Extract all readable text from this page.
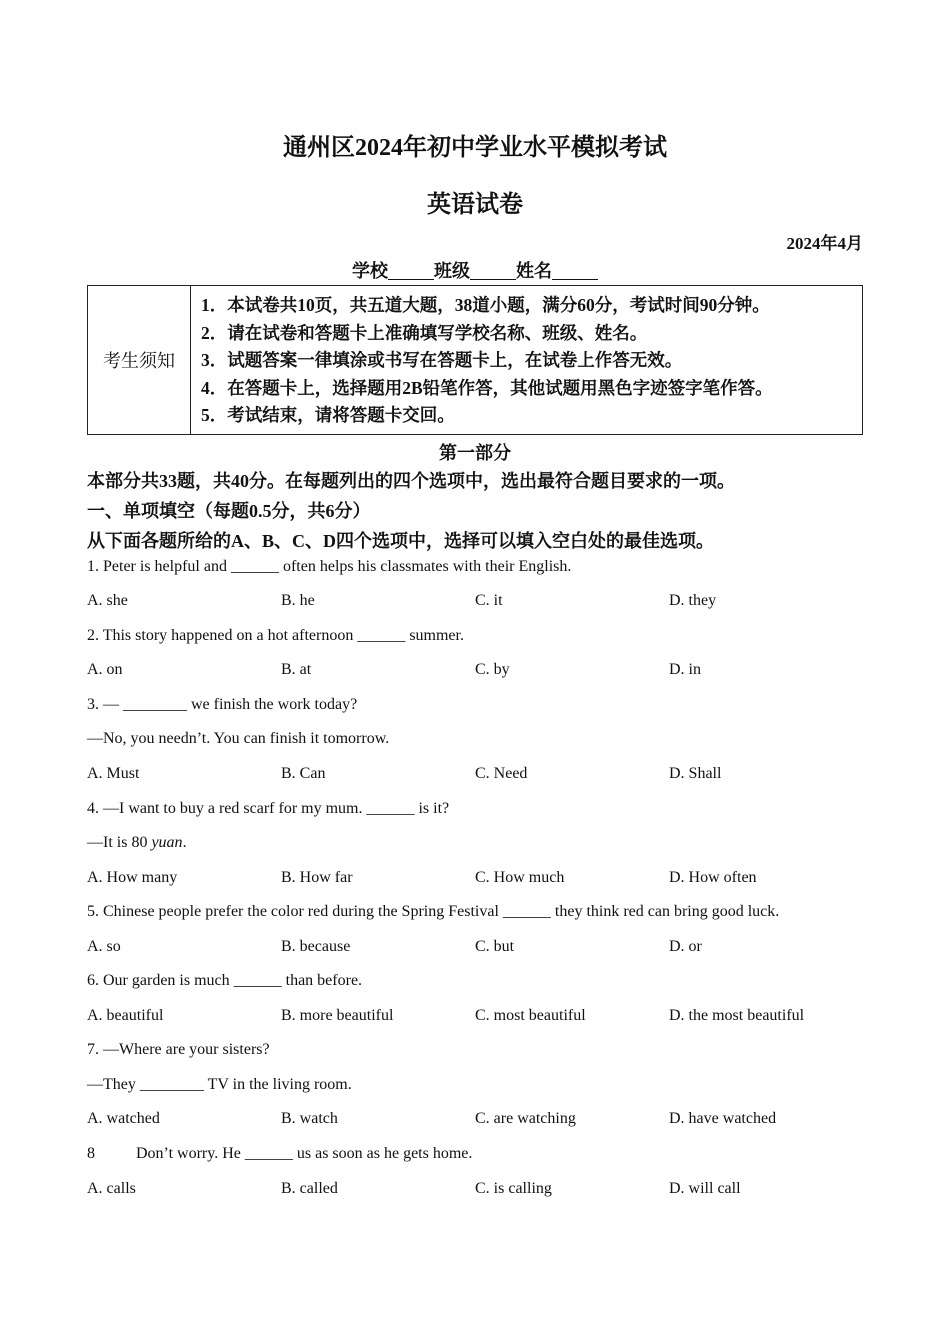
通州区2024年初中学业水平模拟考试
英语试卷
2024年4月
学校	班级	姓名
考生须知
1．本试卷共10页，共五道大题，38道小题，满分60分，考试时间90分钟。
2．请在试卷和答题卡上准确填写学校名称、班级、姓名。
3．试题答案一律填涂或书写在答题卡上，在试卷上作答无效。
4．在答题卡上，选择题用2B铅笔作答，其他试题用黑色字迹签字笔作答。
5．考试结束，请将答题卡交回。
第一部分
本部分共33题，共40分。在每题列出的四个选项中，选出最符合题目要求的一项。
一、单项填空（每题0.5分，共6分）
从下面各题所给的A、B、C、D四个选项中，选择可以填入空白处的最佳选项。
1. Peter is helpful and ______ often helps his classmates with their English.
A. she	B. he	C. it	D. they
2. This story happened on a hot afternoon ______ summer.
A. on	B. at	C. by	D. in
3. — ________ we finish the work today?
—No, you needn’t. You can finish it tomorrow.
A. Must	B. Can	C. Need	D. Shall
4. —I want to buy a red scarf for my mum. ______ is it?
—It is 80 yuan.
A. How many	B. How far	C. How much	D. How often
5. Chinese people prefer the color red during the Spring Festival ______ they think red can bring good luck.
A. so	B. because	C. but	D. or
6. Our garden is much ______ than before.
A. beautiful	B. more beautiful	C. most beautiful	D. the most beautiful
7. —Where are your sisters?
—They ________ TV in the living room.
A. watched	B. watch	C. are watching	D. have watched
8	Don’t worry. He ______ us as soon as he gets home.
A. calls	B. called	C. is calling	D. will call
